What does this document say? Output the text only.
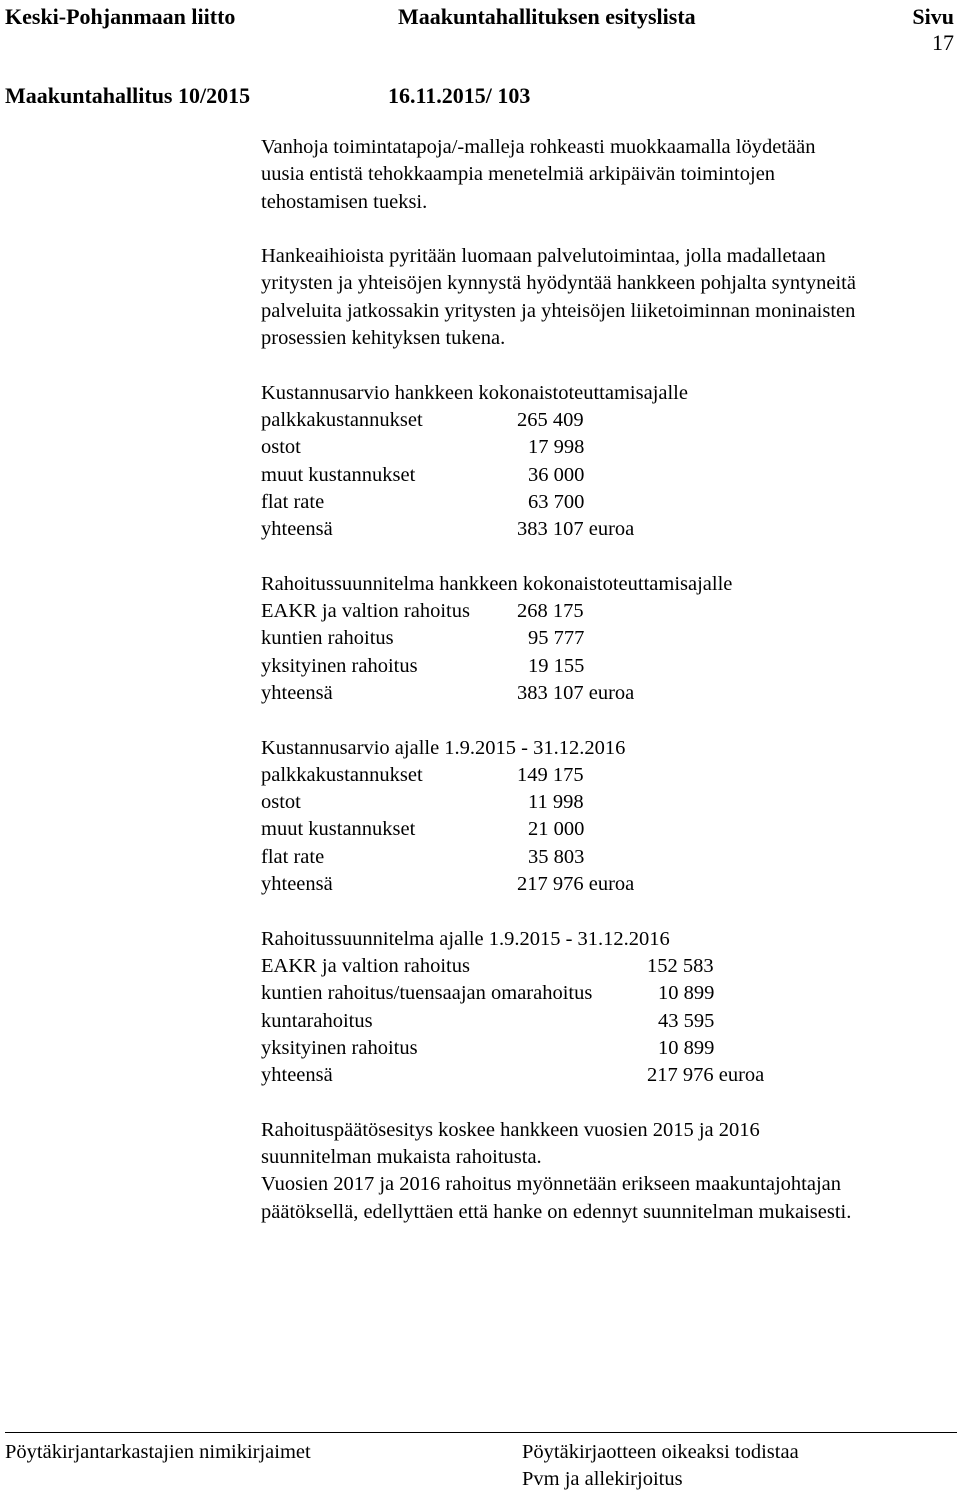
Keski-Pohjanmaan liitto	Maakuntahallituksen esityslista	Sivu
17
Maakuntahallitus 10/2015	16.11.2015/ 103

Vanhoja toimintatapoja/-malleja rohkeasti muokkaamalla löydetään

uusia entistä tehokkaampia menetelmiä arkipäivän toimintojen

tehostamisen tueksi.

Hankeaihioista pyritään luomaan palvelutoimintaa, jolla madalletaan

yritysten ja yhteisöjen kynnystä hyödyntää hankkeen pohjalta syntyneitä

palveluita jatkossakin yritysten ja yhteisöjen liiketoiminnan moninaisten

prosessien kehityksen tukena.

Kustannusarvio hankkeen kokonaistoteuttamisajalle

palkkakustannukset	265 409
ostot	17 998
muut kustannukset	36 000
flat rate	63 700
yhteensä	383 107 euroa

Rahoitussuunnitelma hankkeen kokonaistoteuttamisajalle

EAKR ja valtion rahoitus 268 175
kuntien rahoitus	95 777
yksityinen rahoitus	19 155
yhteensä	383 107 euroa

Kustannusarvio ajalle 1.9.2015 - 31.12.2016

palkkakustannukset	149 175
ostot	11 998
muut kustannukset	21 000
flat rate	35 803
yhteensä	217 976 euroa

Rahoitussuunnitelma ajalle 1.9.2015 - 31.12.2016

EAKR ja valtion rahoitus	152 583
kuntien rahoitus/tuensaajan omarahoitus	10 899
kuntarahoitus	43 595
yksityinen rahoitus	10 899
yhteensä	217 976 euroa

Rahoituspäätösesitys koskee hankkeen vuosien 2015 ja 2016

suunnitelman mukaista rahoitusta.

Vuosien 2017 ja 2016 rahoitus myönnetään erikseen maakuntajohtajan

päätöksellä, edellyttäen että hanke on edennyt suunnitelman mukaisesti.

Pöytäkirjantarkastajien nimikirjaimet	Pöytäkirjaotteen oikeaksi todistaa
Pvm ja allekirjoitus
